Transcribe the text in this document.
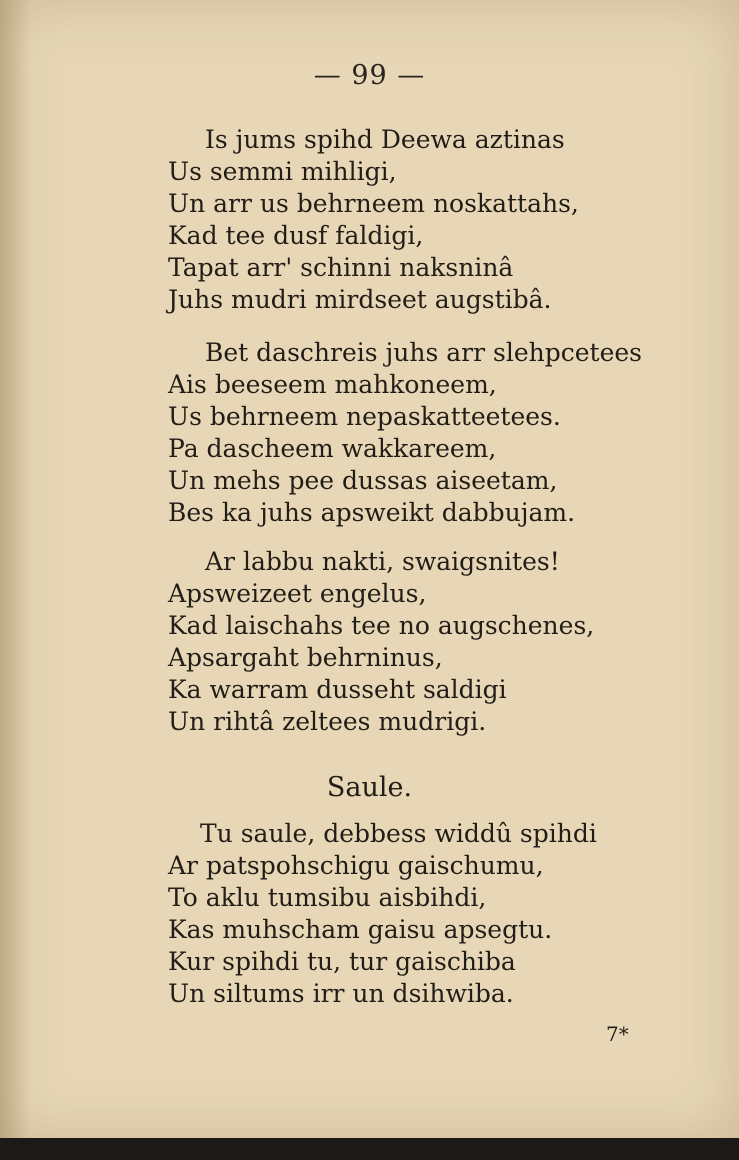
— 99 —
Is jums spihd Deewa aztinas
Us semmi mihligi,
Un arr us behrneem noskattahs,
Kad tee dusf faldigi,
Tapat arr' schinni naksninâ
Juhs mudri mirdseet augstibâ.
Bet daschreis juhs arr slehpcetees
Ais beeseem mahkoneem,
Us behrneem nepaskatteetees.
Pa dascheem wakkareem,
Un mehs pee dussas aiseetam,
Bes ka juhs apsweikt dabbujam.
Ar labbu nakti, swaigsnites!
Apsweizeet engelus,
Kad laischahs tee no augschenes,
Apsargaht behrninus,
Ka warram dusseht saldigi
Un rihtâ zeltees mudrigi.
Saule.
Tu saule, debbess widdû spihdi
Ar patspohschigu gaischumu,
To aklu tumsibu aisbihdi,
Kas muhscham gaisu apsegtu.
Kur spihdi tu, tur gaischiba
Un siltums irr un dsihwiba.
7*
